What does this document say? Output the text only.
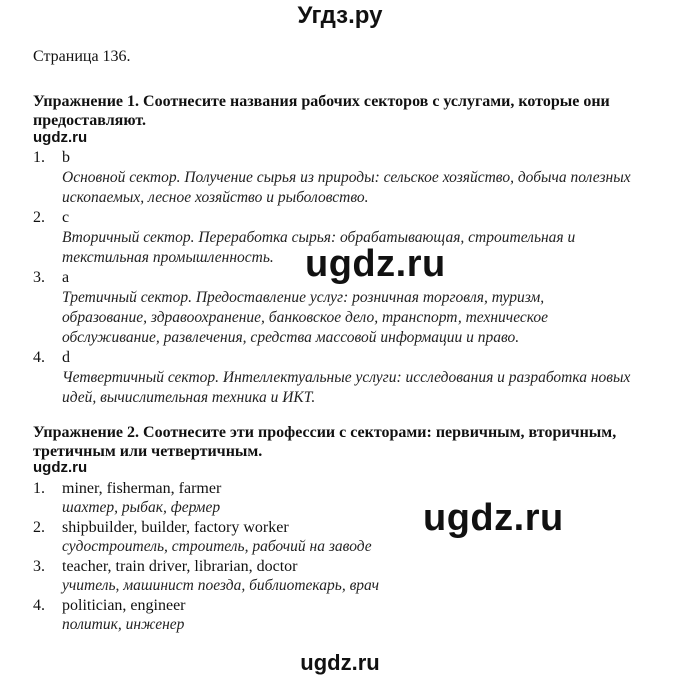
Угдз.ру
Страница 136.
Упражнение 1. Соотнесите названия рабочих секторов с услугами, которые они предоставляют.
ugdz.ru
1. b
Основной сектор. Получение сырья из природы: сельское хозяйство, добыча полезных ископаемых, лесное хозяйство и рыболовство.
2. c
Вторичный сектор. Переработка сырья: обрабатывающая, строительная и текстильная промышленность.
3. a
Третичный сектор. Предоставление услуг: розничная торговля, туризм, образование, здравоохранение, банковское дело, транспорт, техническое обслуживание, развлечения, средства массовой информации и право.
4. d
Четвертичный сектор. Интеллектуальные услуги: исследования и разработка новых идей, вычислительная техника и ИКТ.
ugdz.ru
Упражнение 2. Соотнесите эти профессии с секторами: первичным, вторичным, третичным или четвертичным.
ugdz.ru
1. miner, fisherman, farmer
шахтер, рыбак, фермер
2. shipbuilder, builder, factory worker
судостроитель, строитель, рабочий на заводе
3. teacher, train driver, librarian, doctor
учитель, машинист поезда, библиотекарь, врач
4. politician, engineer
политик, инженер
ugdz.ru
ugdz.ru
